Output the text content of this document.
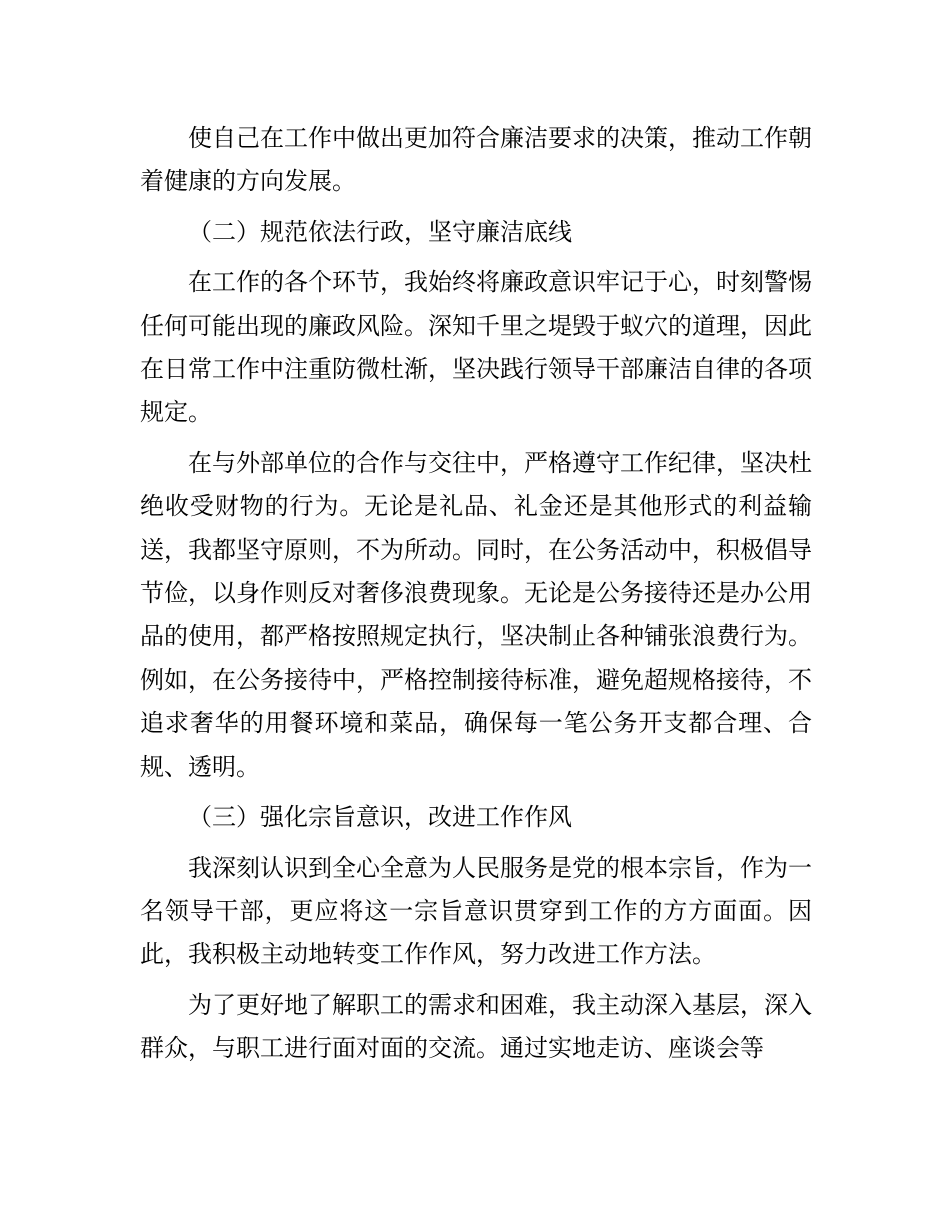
使自己在工作中做出更加符合廉洁要求的决策，推动工作朝着健康的方向发展。

（二）规范依法行政，坚守廉洁底线

在工作的各个环节，我始终将廉政意识牢记于心，时刻警惕任何可能出现的廉政风险。深知千里之堤毁于蚁穴的道理，因此在日常工作中注重防微杜渐，坚决践行领导干部廉洁自律的各项规定。

在与外部单位的合作与交往中，严格遵守工作纪律，坚决杜绝收受财物的行为。无论是礼品、礼金还是其他形式的利益输送，我都坚守原则，不为所动。同时，在公务活动中，积极倡导节俭，以身作则反对奢侈浪费现象。无论是公务接待还是办公用品的使用，都严格按照规定执行，坚决制止各种铺张浪费行为。例如，在公务接待中，严格控制接待标准，避免超规格接待，不追求奢华的用餐环境和菜品，确保每一笔公务开支都合理、合规、透明。

（三）强化宗旨意识，改进工作作风

我深刻认识到全心全意为人民服务是党的根本宗旨，作为一名领导干部，更应将这一宗旨意识贯穿到工作的方方面面。因此，我积极主动地转变工作作风，努力改进工作方法。

为了更好地了解职工的需求和困难，我主动深入基层，深入群众，与职工进行面对面的交流。通过实地走访、座谈会等
